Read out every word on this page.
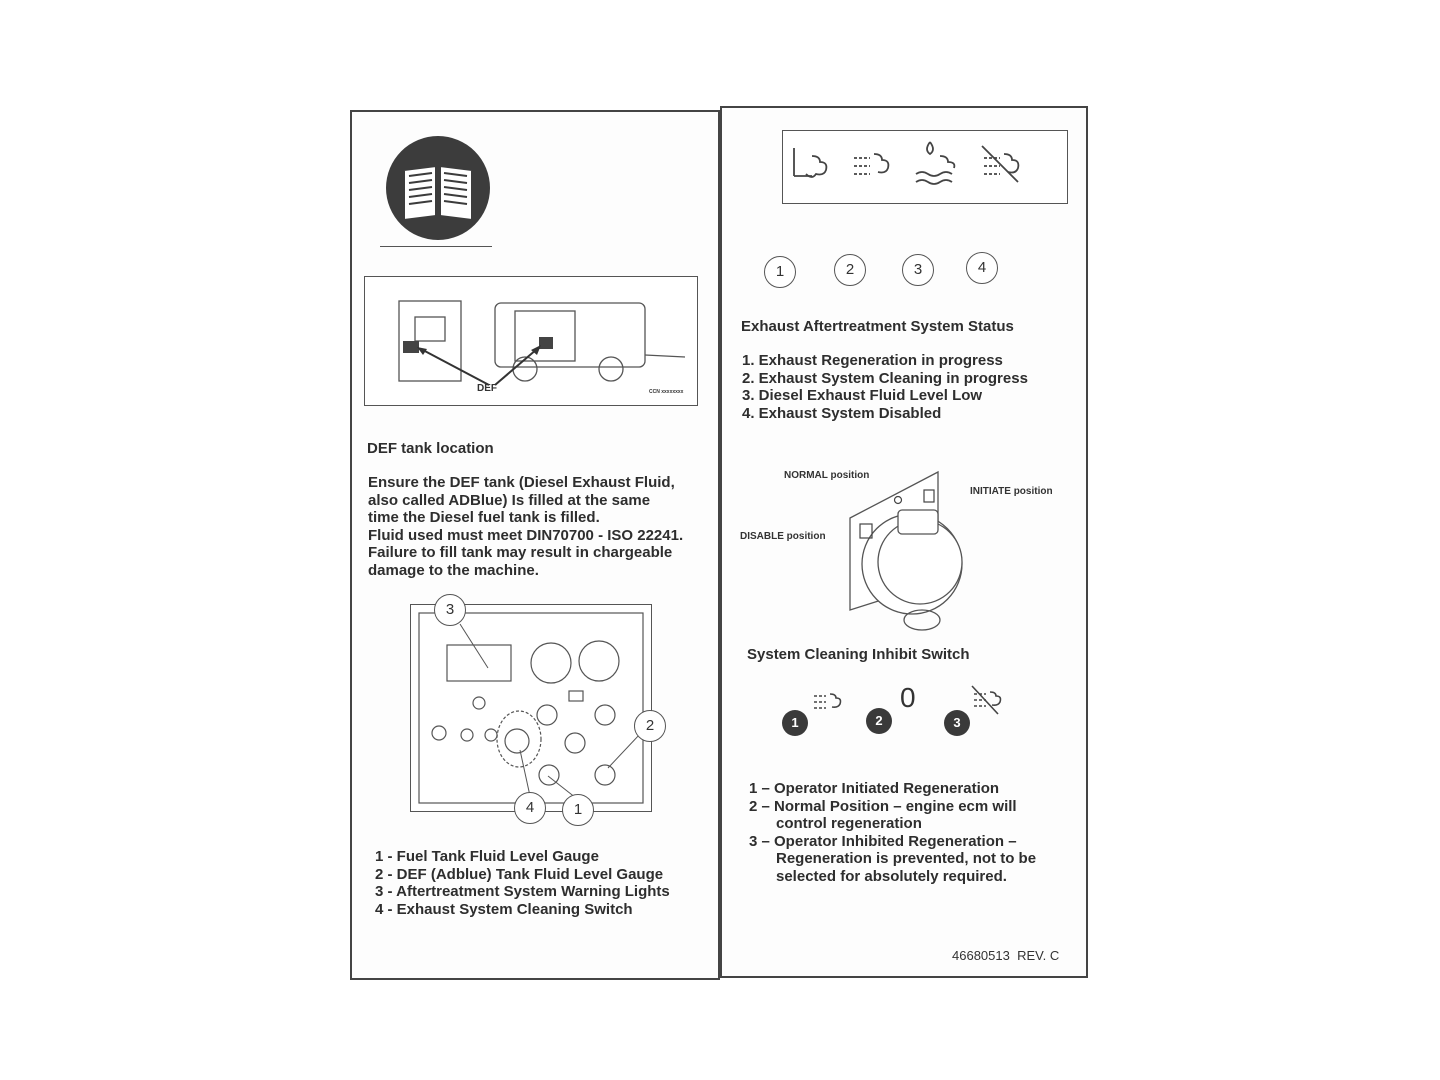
DEF	CCN xxxxxxxx
DEF tank location
Ensure the DEF tank (Diesel Exhaust Fluid,
also called ADBlue) Is filled at the same
time the Diesel fuel tank is filled.
Fluid used must meet DIN70700 - ISO 22241.
Failure to fill tank may result in chargeable
damage to the machine.
3
2
4	1
1 - Fuel Tank Fluid Level Gauge
2 - DEF (Adblue) Tank Fluid Level Gauge
3 - Aftertreatment System Warning Lights
4 - Exhaust System Cleaning Switch
1	2	3	4
Exhaust Aftertreatment System Status
1. Exhaust Regeneration in progress
2. Exhaust System Cleaning in progress
3. Diesel Exhaust Fluid Level Low
4. Exhaust System Disabled
NORMAL position
INITIATE position
DISABLE position
System Cleaning Inhibit Switch
1	2
0
3
1 – Operator Initiated Regeneration
2 – Normal Position – engine ecm will
control regeneration
3 – Operator Inhibited Regeneration –
Regeneration is prevented, not to be
selected for absolutely required.
46680513  REV. C
